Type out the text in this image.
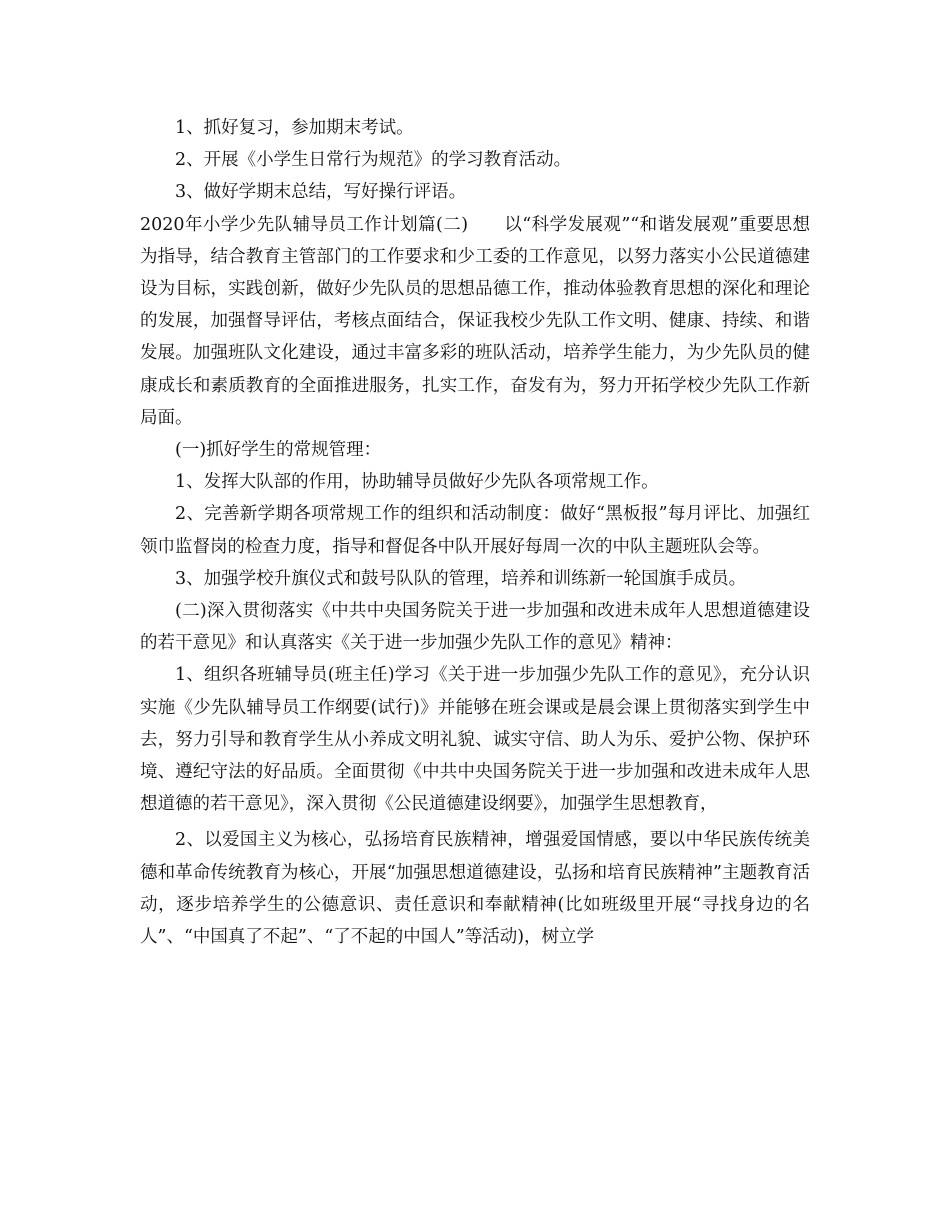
1、抓好复习，参加期末考试。

2、开展《小学生日常行为规范》的学习教育活动。

3、做好学期末总结，写好操行评语。

2020年小学少先队辅导员工作计划篇(二)　　以“科学发展观”“和谐发展观”重要思想为指导，结合教育主管部门的工作要求和少工委的工作意见，以努力落实小公民道德建设为目标，实践创新，做好少先队员的思想品德工作，推动体验教育思想的深化和理论的发展，加强督导评估，考核点面结合，保证我校少先队工作文明、健康、持续、和谐发展。加强班队文化建设，通过丰富多彩的班队活动，培养学生能力，为少先队员的健康成长和素质教育的全面推进服务，扎实工作，奋发有为，努力开拓学校少先队工作新局面。

(一)抓好学生的常规管理：

1、发挥大队部的作用，协助辅导员做好少先队各项常规工作。

2、完善新学期各项常规工作的组织和活动制度：做好“黑板报”每月评比、加强红领巾监督岗的检查力度，指导和督促各中队开展好每周一次的中队主题班队会等。

3、加强学校升旗仪式和鼓号队队的管理，培养和训练新一轮国旗手成员。

(二)深入贯彻落实《中共中央国务院关于进一步加强和改进未成年人思想道德建设的若干意见》和认真落实《关于进一步加强少先队工作的意见》精神：

1、组织各班辅导员(班主任)学习《关于进一步加强少先队工作的意见》，充分认识实施《少先队辅导员工作纲要(试行)》并能够在班会课或是晨会课上贯彻落实到学生中去，努力引导和教育学生从小养成文明礼貌、诚实守信、助人为乐、爱护公物、保护环境、遵纪守法的好品质。全面贯彻《中共中央国务院关于进一步加强和改进未成年人思想道德的若干意见》，深入贯彻《公民道德建设纲要》，加强学生思想教育，

2、以爱国主义为核心，弘扬培育民族精神，增强爱国情感，要以中华民族传统美德和革命传统教育为核心，开展“加强思想道德建设，弘扬和培育民族精神”主题教育活动，逐步培养学生的公德意识、责任意识和奉献精神(比如班级里开展“寻找身边的名人”、“中国真了不起”、“了不起的中国人”等活动)，树立学
